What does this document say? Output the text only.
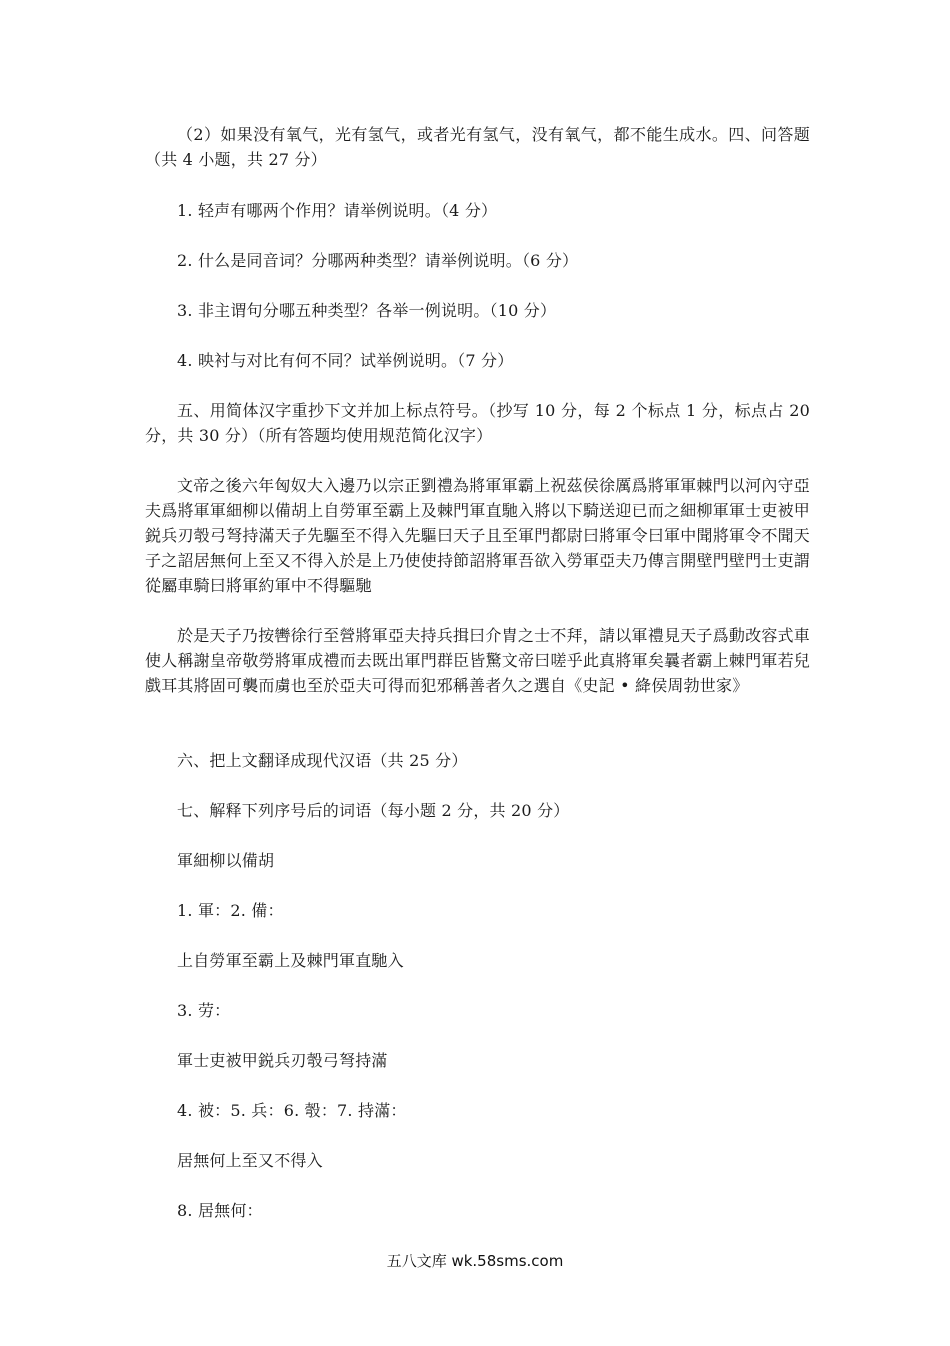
（2）如果没有氧气，光有氢气，或者光有氢气，没有氧气，都不能生成水。四、问答题（共 4 小题，共 27 分）

1. 轻声有哪两个作用？请举例说明。（4 分）

2. 什么是同音词？分哪两种类型？请举例说明。（6 分）

3. 非主谓句分哪五种类型？各举一例说明。（10 分）

4. 映衬与对比有何不同？试举例说明。（7 分）

五、用简体汉字重抄下文并加上标点符号。（抄写 10 分，每 2 个标点 1 分，标点占 20 分，共 30 分）（所有答题均使用规范简化汉字）

文帝之後六年匈奴大入邊乃以宗正劉禮為將軍軍霸上祝茲侯徐厲爲將軍軍棘門以河內守亞夫爲將軍軍細柳以備胡上自勞軍至霸上及棘門軍直馳入將以下騎送迎已而之細柳軍軍士吏被甲鋭兵刃彀弓弩持滿天子先驅至不得入先驅曰天子且至軍門都尉曰將軍令曰軍中聞將軍令不聞天子之詔居無何上至又不得入於是上乃使使持節詔將軍吾欲入勞軍亞夫乃傳言開壁門壁門士吏謂從屬車騎曰將軍約軍中不得驅馳

於是天子乃按轡徐行至營將軍亞夫持兵揖曰介胄之士不拜，請以軍禮見天子爲動改容式車使人稱謝皇帝敬勞將軍成禮而去既出軍門群臣皆驚文帝曰嗟乎此真將軍矣曩者霸上棘門軍若兒戲耳其將固可襲而虜也至於亞夫可得而犯邪稱善者久之選自《史記 • 絳侯周勃世家》

六、把上文翻译成现代汉语（共 25 分）

七、解释下列序号后的词语（每小题 2 分，共 20 分）

軍細柳以備胡

1. 軍：2. 備：

上自勞軍至霸上及棘門軍直馳入

3. 劳：

軍士吏被甲鋭兵刃彀弓弩持滿

4. 被：5. 兵：6. 彀：7. 持滿：

居無何上至又不得入

8. 居無何：

五八文库 wk.58sms.com
